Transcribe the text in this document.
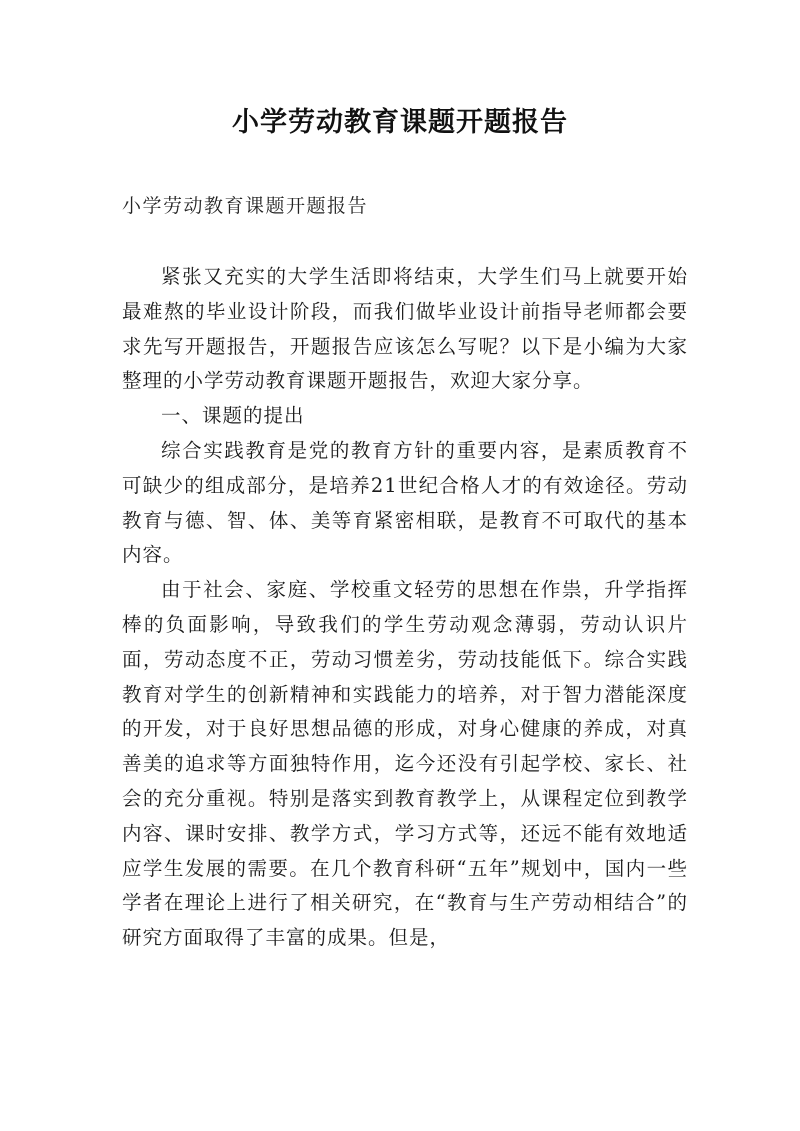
小学劳动教育课题开题报告
小学劳动教育课题开题报告

紧张又充实的大学生活即将结束，大学生们马上就要开始最难熬的毕业设计阶段，而我们做毕业设计前指导老师都会要求先写开题报告，开题报告应该怎么写呢？以下是小编为大家整理的小学劳动教育课题开题报告，欢迎大家分享。

一、课题的提出

综合实践教育是党的教育方针的重要内容，是素质教育不可缺少的组成部分，是培养21世纪合格人才的有效途径。劳动教育与德、智、体、美等育紧密相联，是教育不可取代的基本内容。

由于社会、家庭、学校重文轻劳的思想在作祟，升学指挥棒的负面影响，导致我们的学生劳动观念薄弱，劳动认识片面，劳动态度不正，劳动习惯差劣，劳动技能低下。综合实践教育对学生的创新精神和实践能力的培养，对于智力潜能深度的开发，对于良好思想品德的形成，对身心健康的养成，对真善美的追求等方面独特作用，迄今还没有引起学校、家长、社会的充分重视。特别是落实到教育教学上，从课程定位到教学内容、课时安排、教学方式，学习方式等，还远不能有效地适应学生发展的需要。在几个教育科研“五年”规划中，国内一些学者在理论上进行了相关研究，在“教育与生产劳动相结合”的研究方面取得了丰富的成果。但是，
